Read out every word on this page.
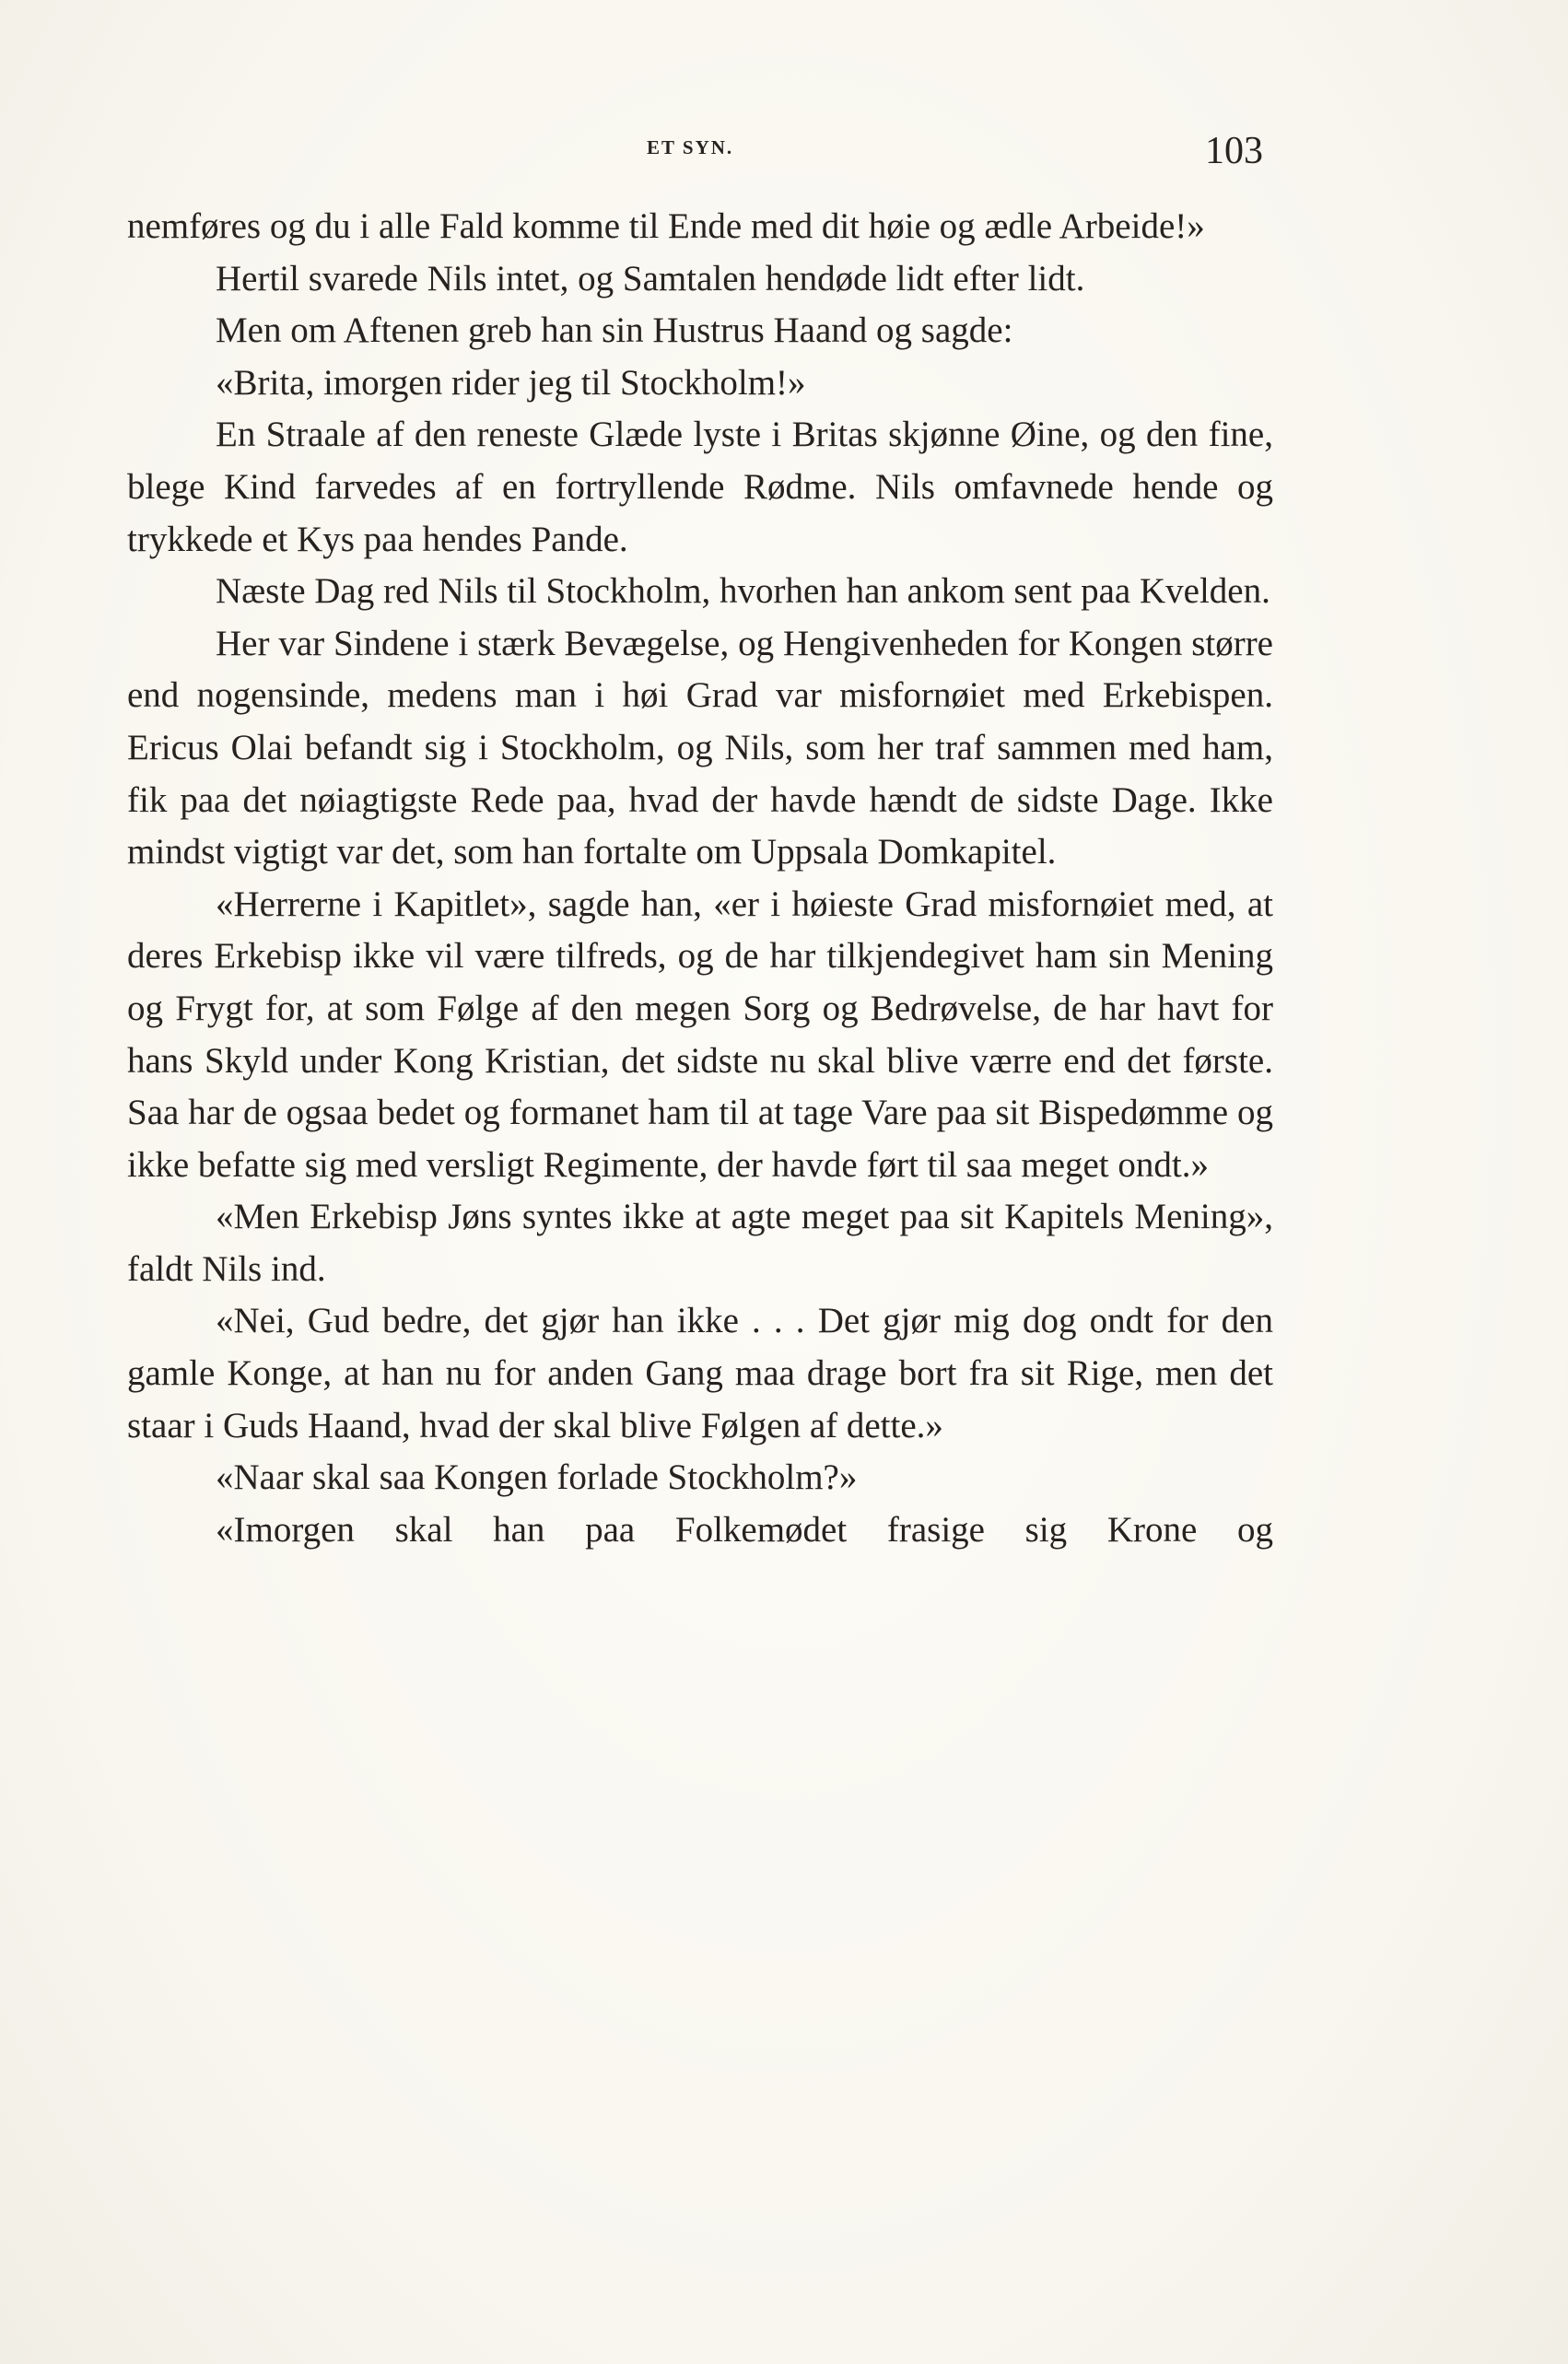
ET SYN.	103

nemføres og du i alle Fald komme til Ende med dit høie og ædle Arbeide!»

Hertil svarede Nils intet, og Samtalen hendøde lidt efter lidt.

Men om Aftenen greb han sin Hustrus Haand og sagde:

«Brita, imorgen rider jeg til Stockholm!»

En Straale af den reneste Glæde lyste i Britas skjønne Øine, og den fine, blege Kind farvedes af en fortryllende Rødme. Nils omfavnede hende og trykkede et Kys paa hendes Pande.

Næste Dag red Nils til Stockholm, hvorhen han ankom sent paa Kvelden.

Her var Sindene i stærk Bevægelse, og Hengivenheden for Kongen større end nogensinde, medens man i høi Grad var misfornøiet med Erkebispen. Ericus Olai befandt sig i Stockholm, og Nils, som her traf sammen med ham, fik paa det nøiagtigste Rede paa, hvad der havde hændt de sidste Dage. Ikke mindst vigtigt var det, som han fortalte om Uppsala Domkapitel.

«Herrerne i Kapitlet», sagde han, «er i høieste Grad misfornøiet med, at deres Erkebisp ikke vil være tilfreds, og de har tilkjendegivet ham sin Mening og Frygt for, at som Følge af den megen Sorg og Bedrøvelse, de har havt for hans Skyld under Kong Kristian, det sidste nu skal blive værre end det første. Saa har de ogsaa bedet og formanet ham til at tage Vare paa sit Bispedømme og ikke befatte sig med versligt Regimente, der havde ført til saa meget ondt.»

«Men Erkebisp Jøns syntes ikke at agte meget paa sit Kapitels Mening», faldt Nils ind.

«Nei, Gud bedre, det gjør han ikke . . . Det gjør mig dog ondt for den gamle Konge, at han nu for anden Gang maa drage bort fra sit Rige, men det staar i Guds Haand, hvad der skal blive Følgen af dette.»

«Naar skal saa Kongen forlade Stockholm?»

«Imorgen skal han paa Folkemødet frasige sig Krone og
